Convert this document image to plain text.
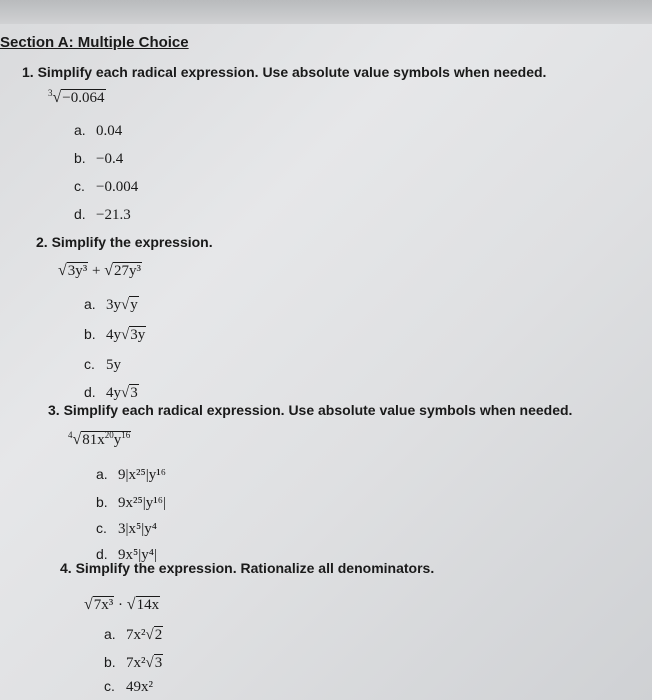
Section A: Multiple Choice
1. Simplify each radical expression. Use absolute value symbols when needed.
$^3$√−0.064
a. 0.04
b. −0.4
c. −0.004
d. −21.3
2. Simplify the expression.
√3y³ + √27y³
a. 3y√y
b. 4y√3y
c. 5y
d. 4y√3
3. Simplify each radical expression. Use absolute value symbols when needed.
$^4√81x^{20}y^{16}$
a. 9|x²⁵|y¹⁶
b. 9x²⁵|y¹⁶|
c. 3|x⁵|y⁴
d. 9x⁵|y⁴|
4. Simplify the expression. Rationalize all denominators.
√7x³ · √14x
a. 7x²√2
b. 7x²√3
c. 49x²
